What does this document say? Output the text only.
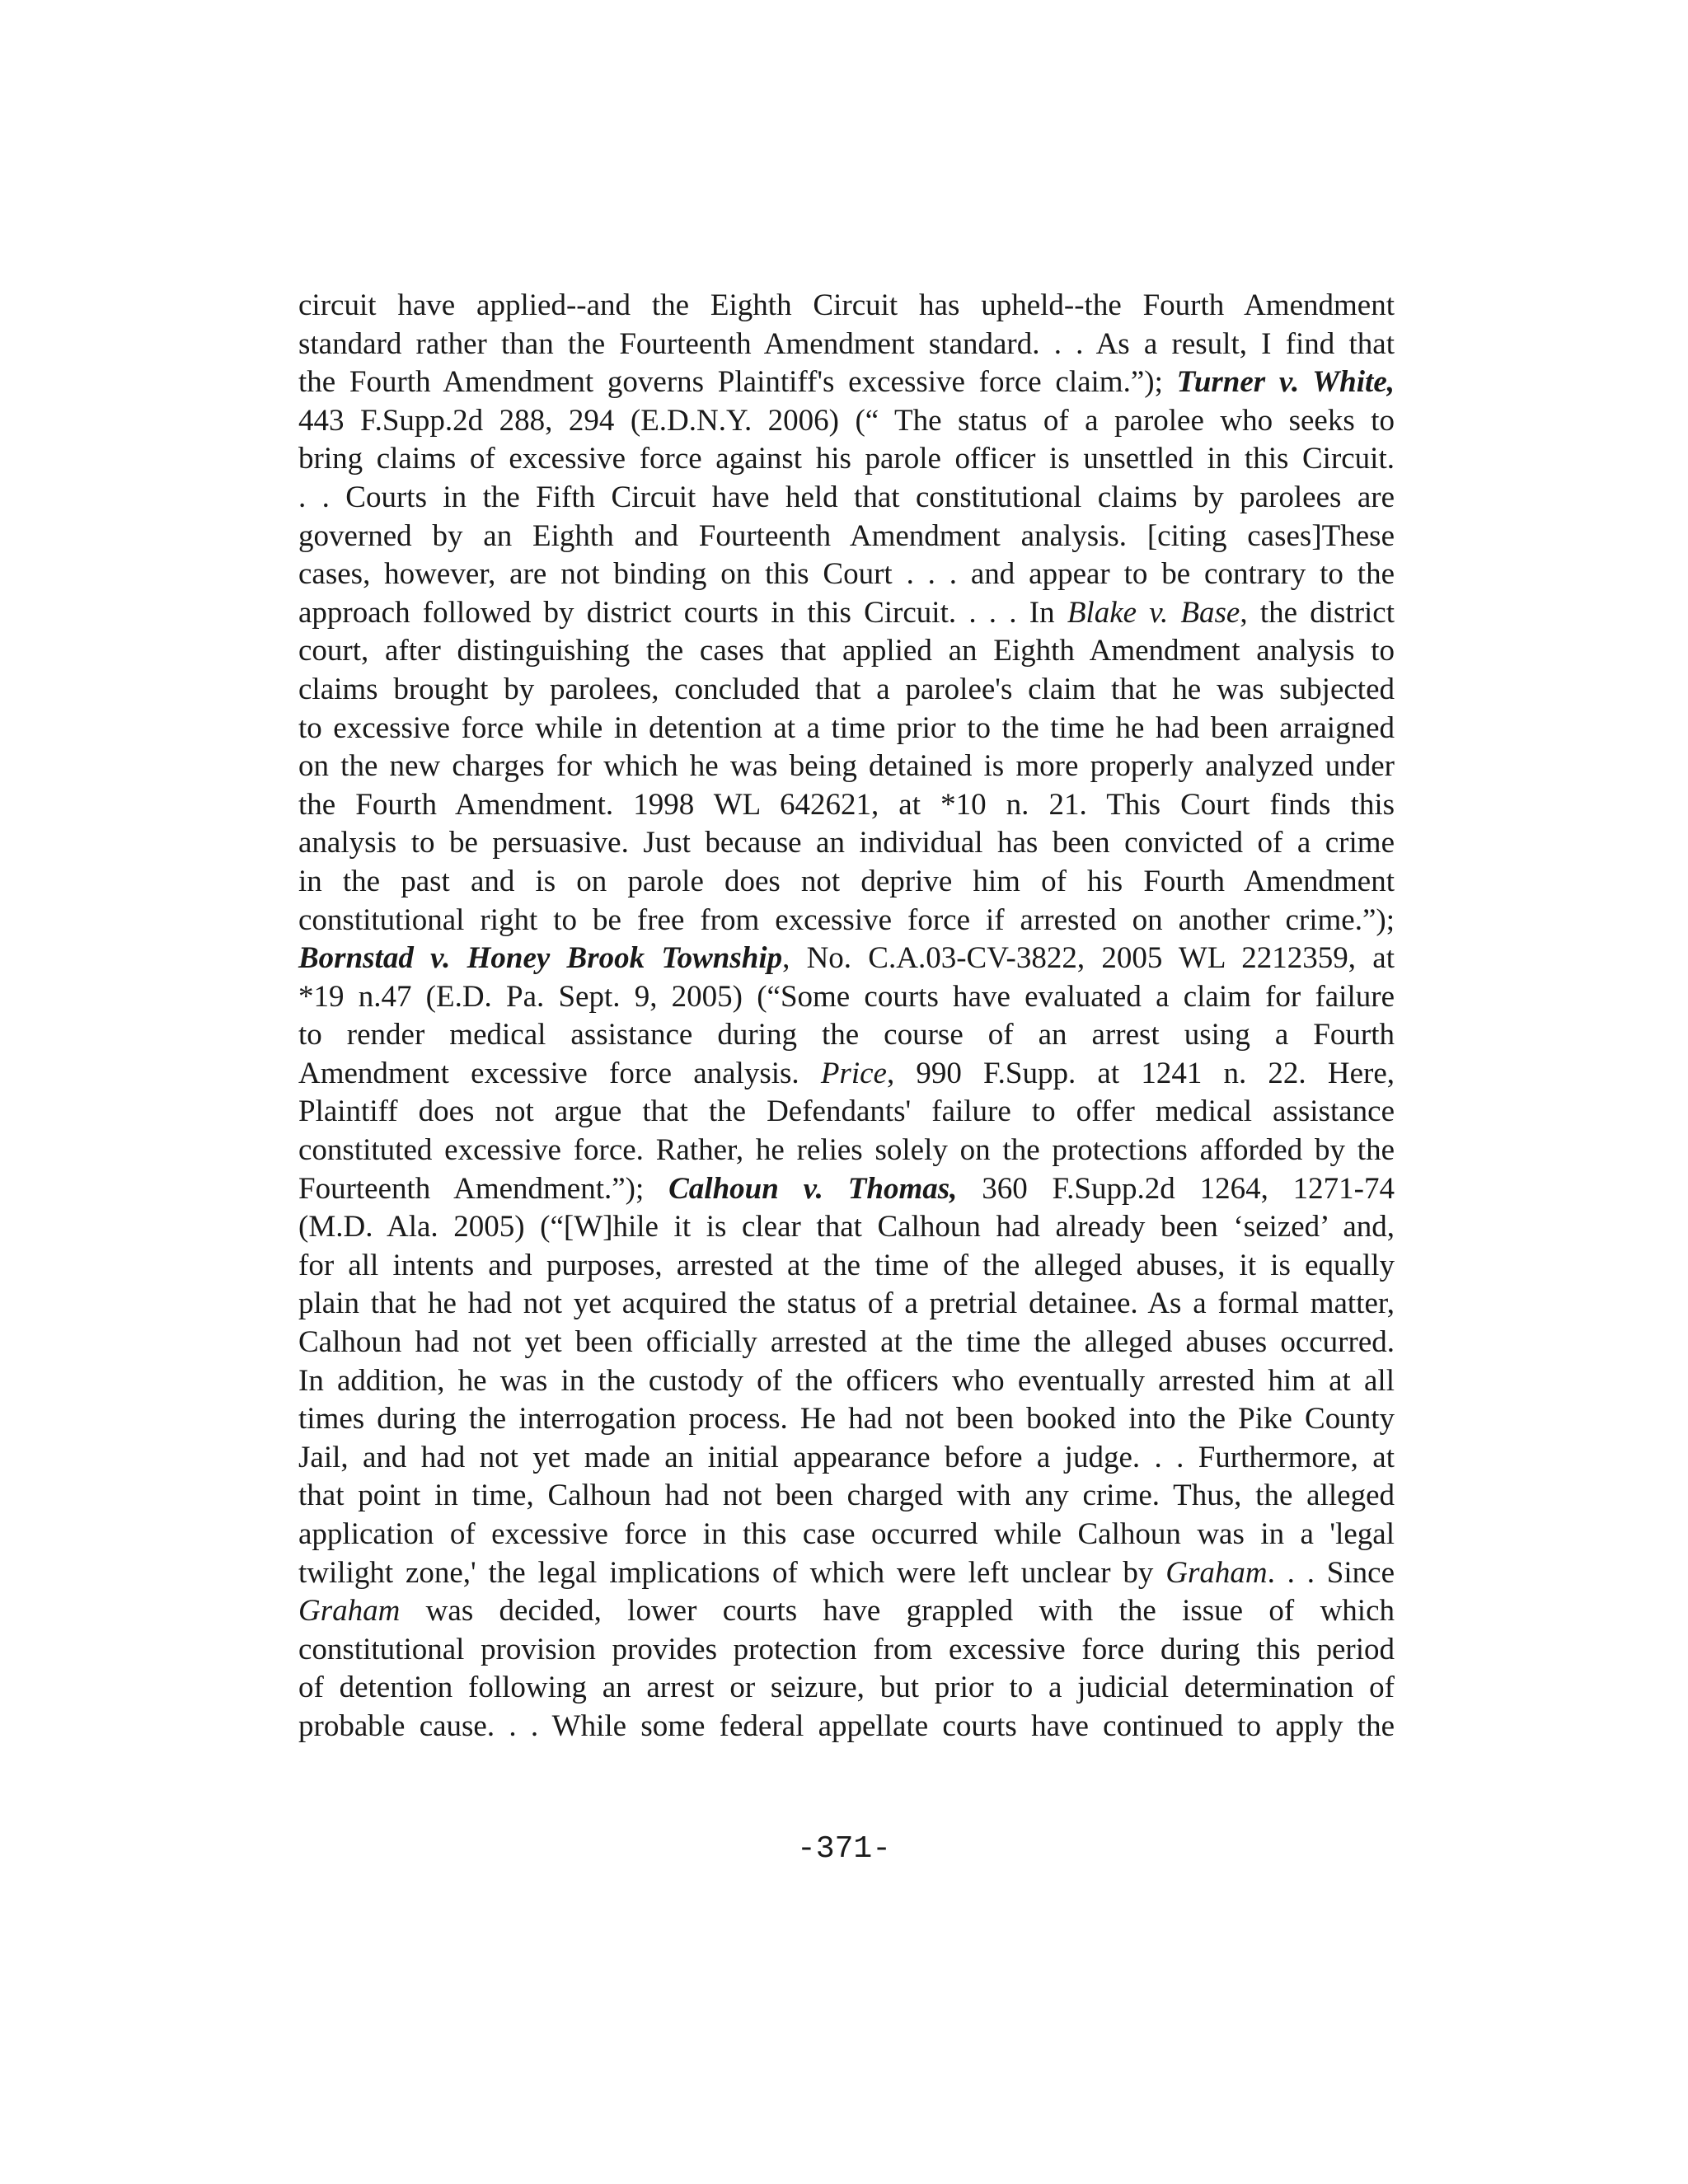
circuit have applied--and the Eighth Circuit has upheld--the Fourth Amendment
standard rather than the Fourteenth Amendment standard. . . As a result, I find that
the Fourth Amendment governs Plaintiff's excessive force claim.”); Turner v. White,
443 F.Supp.2d 288, 294 (E.D.N.Y. 2006) (“ The status of a parolee who seeks to
bring claims of excessive force against his parole officer is unsettled in this Circuit.
. . Courts in the Fifth Circuit have held that constitutional claims by parolees are
governed by an Eighth and Fourteenth Amendment analysis. [citing cases]These
cases, however, are not binding on this Court . . . and appear to be contrary to the
approach followed by district courts in this Circuit. . . . In Blake v. Base, the district
court, after distinguishing the cases that applied an Eighth Amendment analysis to
claims brought by parolees, concluded that a parolee's claim that he was subjected
to excessive force while in detention at a time prior to the time he had been arraigned
on the new charges for which he was being detained is more properly analyzed under
the Fourth Amendment. 1998 WL 642621, at *10 n. 21. This Court finds this
analysis to be persuasive. Just because an individual has been convicted of a crime
in the past and is on parole does not deprive him of his Fourth Amendment
constitutional right to be free from excessive force if arrested on another crime.”);
Bornstad v. Honey Brook Township, No. C.A.03-CV-3822, 2005 WL 2212359, at
*19 n.47 (E.D. Pa. Sept. 9, 2005) (“Some courts have evaluated a claim for failure
to render medical assistance during the course of an arrest using a Fourth
Amendment excessive force analysis. Price, 990 F.Supp. at 1241 n. 22. Here,
Plaintiff does not argue that the Defendants' failure to offer medical assistance
constituted excessive force. Rather, he relies solely on the protections afforded by the
Fourteenth Amendment.”); Calhoun v. Thomas, 360 F.Supp.2d 1264, 1271-74
(M.D. Ala. 2005) (“[W]hile it is clear that Calhoun had already been ‘seized’ and,
for all intents and purposes, arrested at the time of the alleged abuses, it is equally
plain that he had not yet acquired the status of a pretrial detainee. As a formal matter,
Calhoun had not yet been officially arrested at the time the alleged abuses occurred.
In addition, he was in the custody of the officers who eventually arrested him at all
times during the interrogation process. He had not been booked into the Pike County
Jail, and had not yet made an initial appearance before a judge. . . Furthermore, at
that point in time, Calhoun had not been charged with any crime. Thus, the alleged
application of excessive force in this case occurred while Calhoun was in a 'legal
twilight zone,' the legal implications of which were left unclear by Graham. . . Since
Graham was decided, lower courts have grappled with the issue of which
constitutional provision provides protection from excessive force during this period
of detention following an arrest or seizure, but prior to a judicial determination of
probable cause. . . While some federal appellate courts have continued to apply the
-371-
